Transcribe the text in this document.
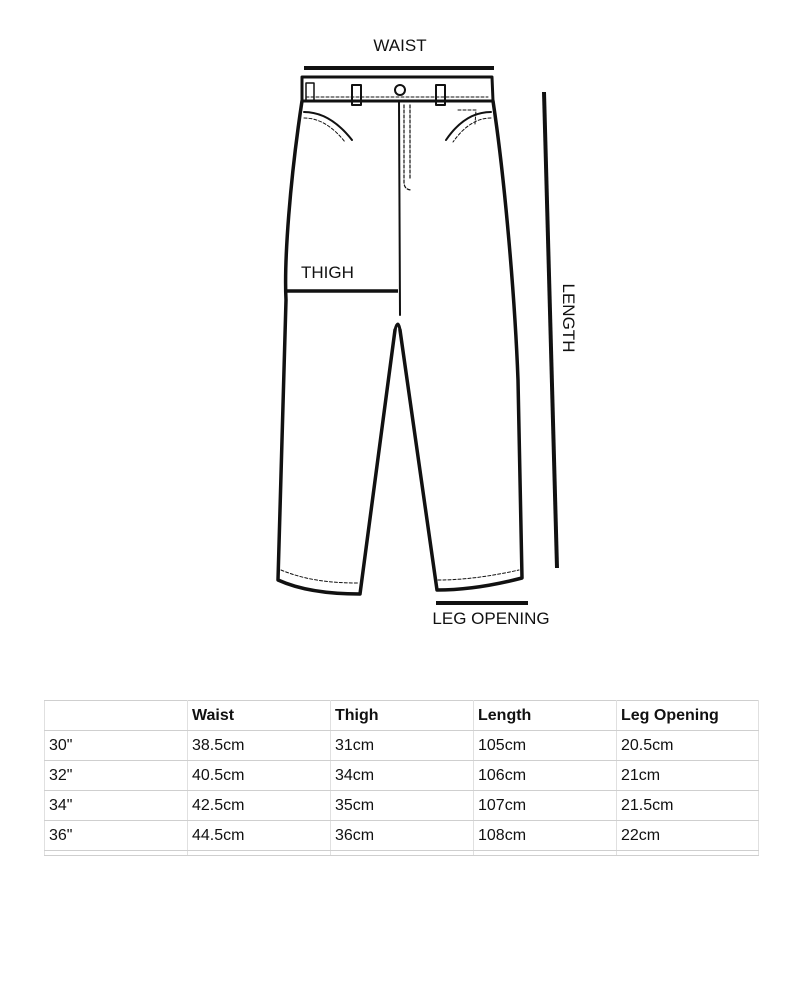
WAIST
THIGH
LENGTH
LEG OPENING
	Waist	Thigh	Length	Leg Opening
30"	38.5cm	31cm	105cm	20.5cm
32"	40.5cm	34cm	106cm	21cm
34"	42.5cm	35cm	107cm	21.5cm
36"	44.5cm	36cm	108cm	22cm
